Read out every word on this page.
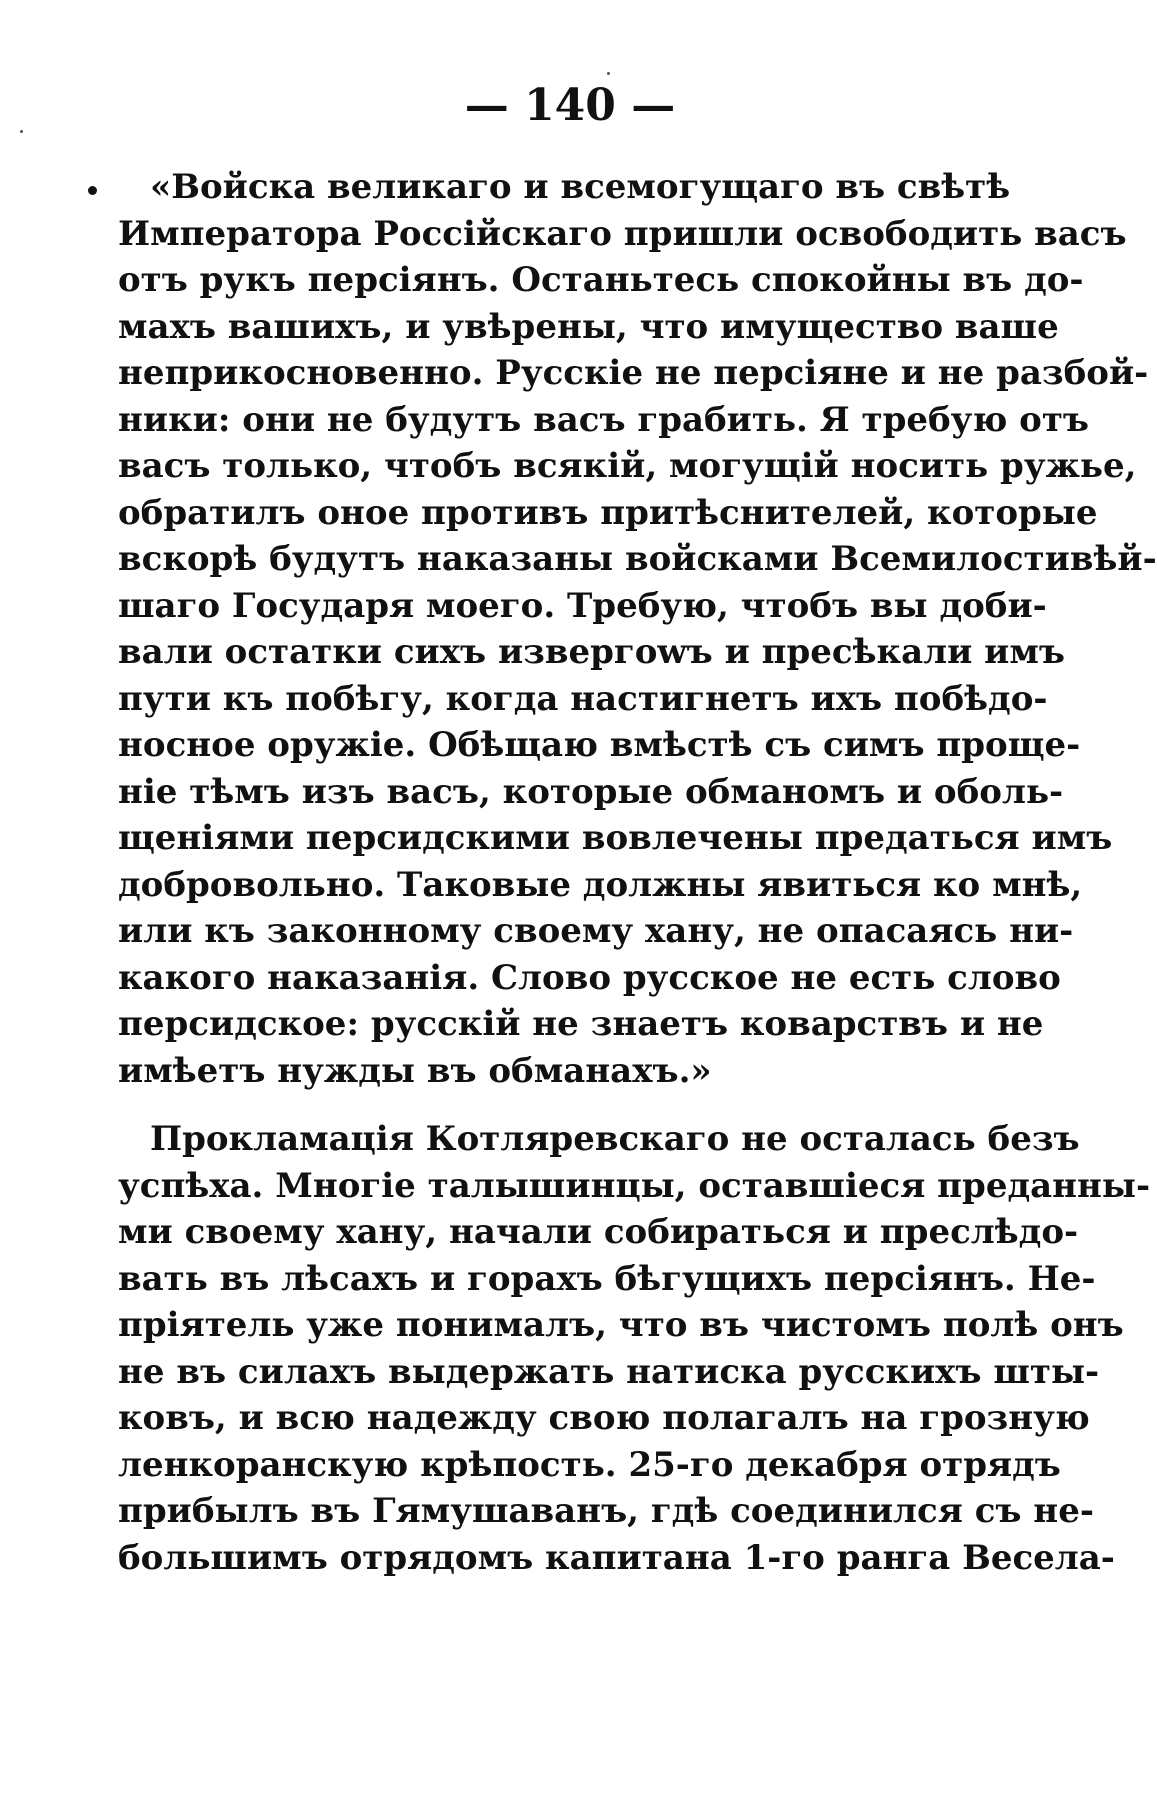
— 140 —
«Войска великаго и всемогущаго въ свѣтѣ
Императора Россійскаго пришли освободить васъ
отъ рукъ персіянъ. Останьтесь спокойны въ до-
махъ вашихъ, и увѣрены, что имущество ваше
неприкосновенно. Руcскіе не персіяне и не разбой-
ники: они не будутъ васъ грабить. Я требую отъ
васъ только, чтобъ всякій, могущій носить ружье,
обратилъ оное противъ притѣснителей, которые
вскорѣ будутъ наказаны войсками Всемилостивѣй-
шаго Государя моего. Требую, чтобъ вы доби-
вали остатки сихъ извергowъ и пресѣкали имъ
пути къ побѣгу, когда настигнетъ ихъ побѣдо-
носное оружіе. Обѣщаю вмѣстѣ съ симъ проще-
ніе тѣмъ изъ васъ, которые обманомъ и оболь-
щеніями персидскими вовлечены предаться имъ
добровольно. Таковые должны явиться ко мнѣ,
или къ законному своему хану, не опасаясь ни-
какого наказанія. Слово русское не есть слово
персидское: русскій не знаетъ коварствъ и не
имѣетъ нужды въ обманахъ.»
Прокламація Котляревскаго не осталась безъ
успѣха. Многіе талышинцы, оставшіеся преданны-
ми своему хану, начали собираться и преслѣдо-
вать въ лѣсахъ и горахъ бѣгущихъ персіянъ. Не-
пріятель уже понималъ, что въ чистомъ полѣ онъ
не въ силахъ выдержать натиска русскихъ шты-
ковъ, и всю надежду свою полагалъ на грозную
ленкоранскую крѣпость. 25-го декабря отрядъ
прибылъ въ Гямушаванъ, гдѣ соединился съ не-
большимъ отрядомъ капитана 1-го ранга Весела-
